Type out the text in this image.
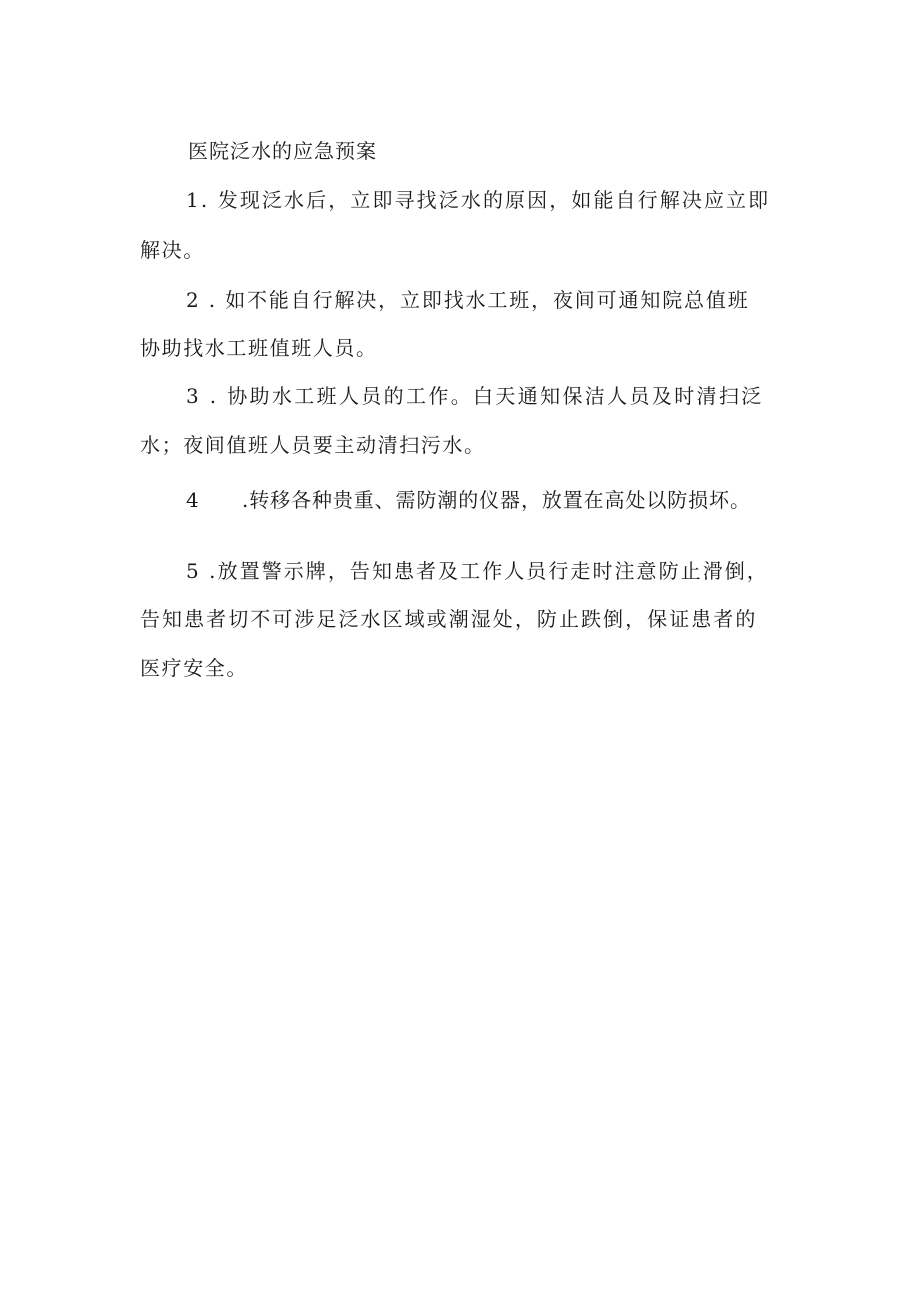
医院泛水的应急预案
1. 发现泛水后，立即寻找泛水的原因，如能自行解决应立即
解决。
2 . 如不能自行解决，立即找水工班，夜间可通知院总值班
协助找水工班值班人员。
3 . 协助水工班人员的工作。白天通知保洁人员及时清扫泛
水；夜间值班人员要主动清扫污水。
4 .转移各种贵重、需防潮的仪器，放置在高处以防损坏。
5 .放置警示牌，告知患者及工作人员行走时注意防止滑倒，
告知患者切不可涉足泛水区域或潮湿处，防止跌倒，保证患者的
医疗安全。
